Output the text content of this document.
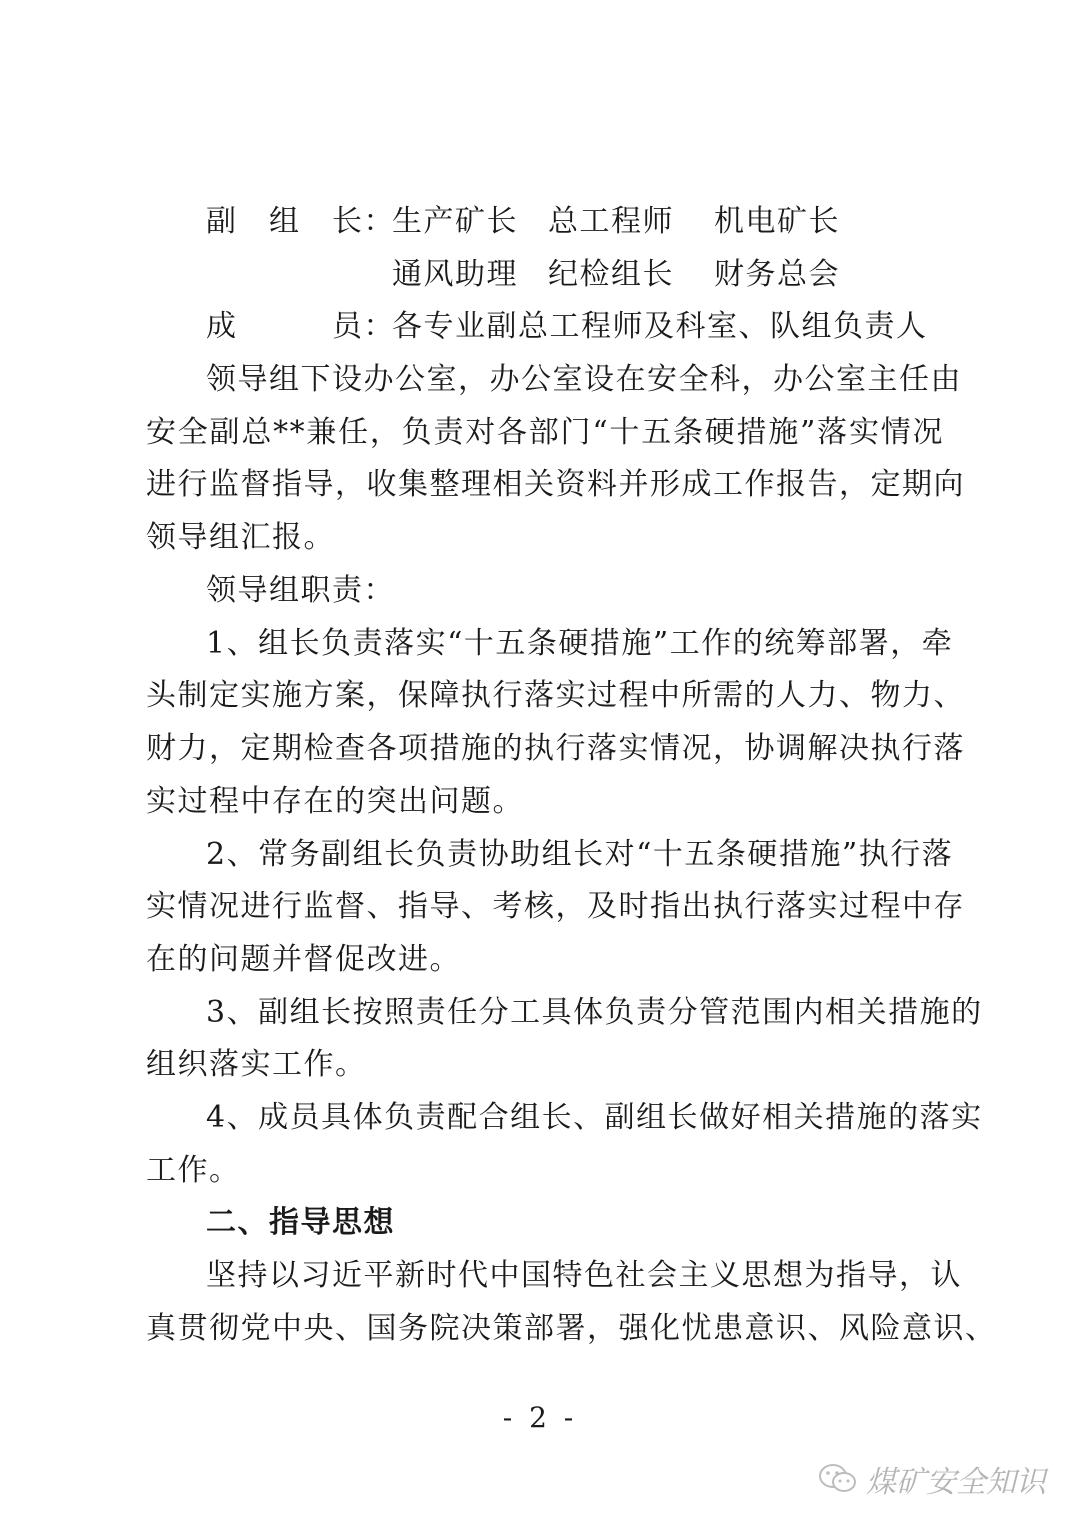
副　组　长：
生产矿长 总工程师 机电矿长
通风助理 纪检组长 财务总会
成　　　员：
各专业副总工程师及科室、队组负责人
领导组下设办公室，办公室设在安全科，办公室主任由
安全副总**兼任，负责对各部门“十五条硬措施”落实情况
进行监督指导，收集整理相关资料并形成工作报告，定期向
领导组汇报。
领导组职责：
1、组长负责落实“十五条硬措施”工作的统筹部署，牵
头制定实施方案，保障执行落实过程中所需的人力、物力、
财力，定期检查各项措施的执行落实情况，协调解决执行落
实过程中存在的突出问题。
2、常务副组长负责协助组长对“十五条硬措施”执行落
实情况进行监督、指导、考核，及时指出执行落实过程中存
在的问题并督促改进。
3、副组长按照责任分工具体负责分管范围内相关措施的
组织落实工作。
4、成员具体负责配合组长、副组长做好相关措施的落实
工作。
二、指导思想
坚持以习近平新时代中国特色社会主义思想为指导，认
真贯彻党中央、国务院决策部署，强化忧患意识、风险意识、
- 2 -
煤矿安全知识
